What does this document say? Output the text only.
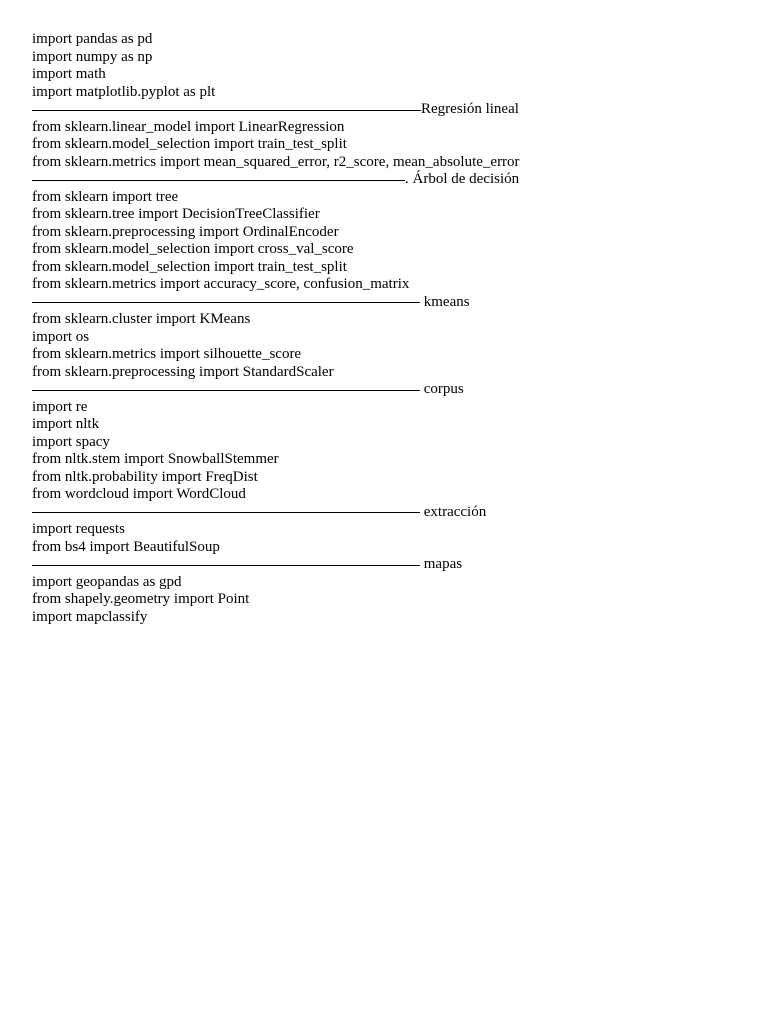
import pandas as pd
import numpy as np
import math
import matplotlib.pyplot as plt
Regresión lineal
from sklearn.linear_model import LinearRegression
from sklearn.model_selection import train_test_split
from sklearn.metrics import mean_squared_error, r2_score, mean_absolute_error
. Árbol de decisión
from sklearn import tree
from sklearn.tree import DecisionTreeClassifier
from sklearn.preprocessing import OrdinalEncoder
from sklearn.model_selection import cross_val_score
from sklearn.model_selection import train_test_split
from sklearn.metrics import accuracy_score, confusion_matrix
kmeans
from sklearn.cluster import KMeans
import os
from sklearn.metrics import silhouette_score
from sklearn.preprocessing import StandardScaler
corpus
import re
import nltk
import spacy
from nltk.stem import SnowballStemmer
from nltk.probability import FreqDist
from wordcloud import WordCloud
extracción
import requests
from bs4 import BeautifulSoup
mapas
import geopandas as gpd
from shapely.geometry import Point
import mapclassify
